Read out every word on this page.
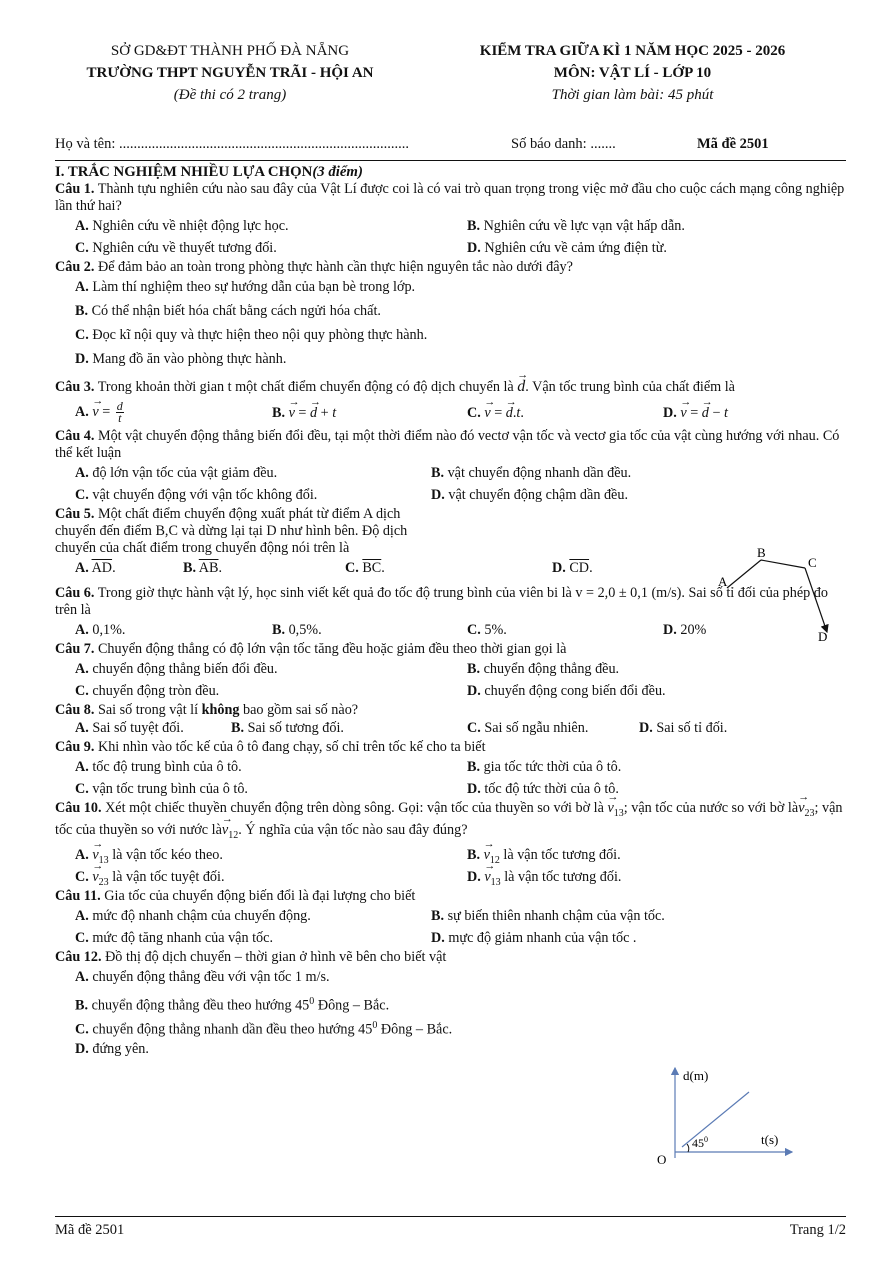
SỞ GD&ĐT THÀNH PHỐ ĐÀ NẴNG
TRƯỜNG THPT NGUYỄN TRÃI - HỘI AN
(Đề thi có 2 trang)
KIỂM TRA GIỮA KÌ 1 NĂM HỌC 2025 - 2026
MÔN: VẬT LÍ - LỚP 10
Thời gian làm bài: 45 phút
Họ và tên: ................................................................................	Số báo danh: .......	Mã đề 2501
I. TRẮC NGHIỆM NHIỀU LỰA CHỌN(3 điểm)

Câu 1. Thành tựu nghiên cứu nào sau đây của Vật Lí được coi là có vai trò quan trọng trong việc mở đầu cho cuộc cách mạng công nghiệp lần thứ hai?

A. Nghiên cứu về nhiệt động lực học.	B. Nghiên cứu về lực vạn vật hấp dẫn.
C. Nghiên cứu về thuyết tương đối.	D. Nghiên cứu về cảm ứng điện từ.

Câu 2. Để đảm bảo an toàn trong phòng thực hành cần thực hiện nguyên tắc nào dưới đây?

A. Làm thí nghiệm theo sự hướng dẫn của bạn bè trong lớp.
B. Có thể nhận biết hóa chất bằng cách ngửi hóa chất.
C. Đọc kĩ nội quy và thực hiện theo nội quy phòng thực hành.
D. Mang đồ ăn vào phòng thực hành.

Câu 3. Trong khoản thời gian t một chất điểm chuyển động có độ dịch chuyển là → d. Vận tốc trung bình của chất điểm là

A. → $v = \frac{d}{t}$	B. → v = → d + t	C. → v = → d.t.	D. → v = → d − t

Câu 4. Một vật chuyển động thẳng biến đổi đều, tại một thời điểm nào đó vectơ vận tốc và vectơ gia tốc của vật cùng hướng với nhau. Có thể kết luận

A. độ lớn vận tốc của vật giảm đều.	B. vật chuyển động nhanh dần đều.
C. vật chuyển động với vận tốc không đổi.	D. vật chuyển động chậm dần đều.

Câu 5. Một chất điểm chuyển động xuất phát từ điểm A dịch

chuyển đến điểm B,C và dừng lại tại D như hình bên. Độ dịch

chuyển của chất điểm trong chuyển động nói trên là

A. $\overline{AD}$.	B. $\overline{AB}$.	C. $\overline{BC}$.	D. $\overline{CD}$.

Câu 6. Trong giờ thực hành vật lý, học sinh viết kết quả đo tốc độ trung bình của viên bi là v = 2,0 ± 0,1 (m/s). Sai số tỉ đối của phép đo trên là

A. 0,1%.	B. 0,5%.	C. 5%.	D. 20%

Câu 7. Chuyển động thẳng có độ lớn vận tốc tăng đều hoặc giảm đều theo thời gian gọi là

A. chuyển động thẳng biến đổi đều.	B. chuyển động thẳng đều.
C. chuyển động tròn đều.	D. chuyển động cong biến đổi đều.

Câu 8. Sai số trong vật lí không bao gồm sai số nào?

A. Sai số tuyệt đối.	B. Sai số tương đối.	C. Sai số ngẫu nhiên.	D. Sai số tỉ đối.

Câu 9. Khi nhìn vào tốc kế của ô tô đang chạy, số chỉ trên tốc kế cho ta biết

A. tốc độ trung bình của ô tô.	B. gia tốc tức thời của ô tô.
C. vận tốc trung bình của ô tô.	D. tốc độ tức thời của ô tô.

Câu 10. Xét một chiếc thuyền chuyển động trên dòng sông. Gọi: vận tốc của thuyền so với bờ là → $v_{13}$; vận tốc của nước so với bờ là→ $v_{23}$; vận tốc của thuyền so với nước là→ $v_{12}$. Ý nghĩa của vận tốc nào sau đây đúng?

A. → $v_{13}$ là vận tốc kéo theo.	B. → $v_{12}$ là vận tốc tương đối.
C. → $v_{23}$ là vận tốc tuyệt đối.	D. → $v_{13}$ là vận tốc tương đối.

Câu 11. Gia tốc của chuyển động biến đổi là đại lượng cho biết

A. mức độ nhanh chậm của chuyển động.	B. sự biến thiên nhanh chậm của vận tốc.
C. mức độ tăng nhanh của vận tốc.	D. mực độ giảm nhanh của vận tốc .

Câu 12. Đồ thị độ dịch chuyển – thời gian ở hình vẽ bên cho biết vật

A. chuyển động thẳng đều với vận tốc 1 m/s.
B. chuyển động thẳng đều theo hướng $45^0$ Đông – Bắc.
C. chuyển động thẳng nhanh dần đều theo hướng $45^0$ Đông – Bắc.
D. đứng yên.
A
B
C
D
d(m)
t(s)
O
$45^0$
Mã đề 2501	Trang 1/2
